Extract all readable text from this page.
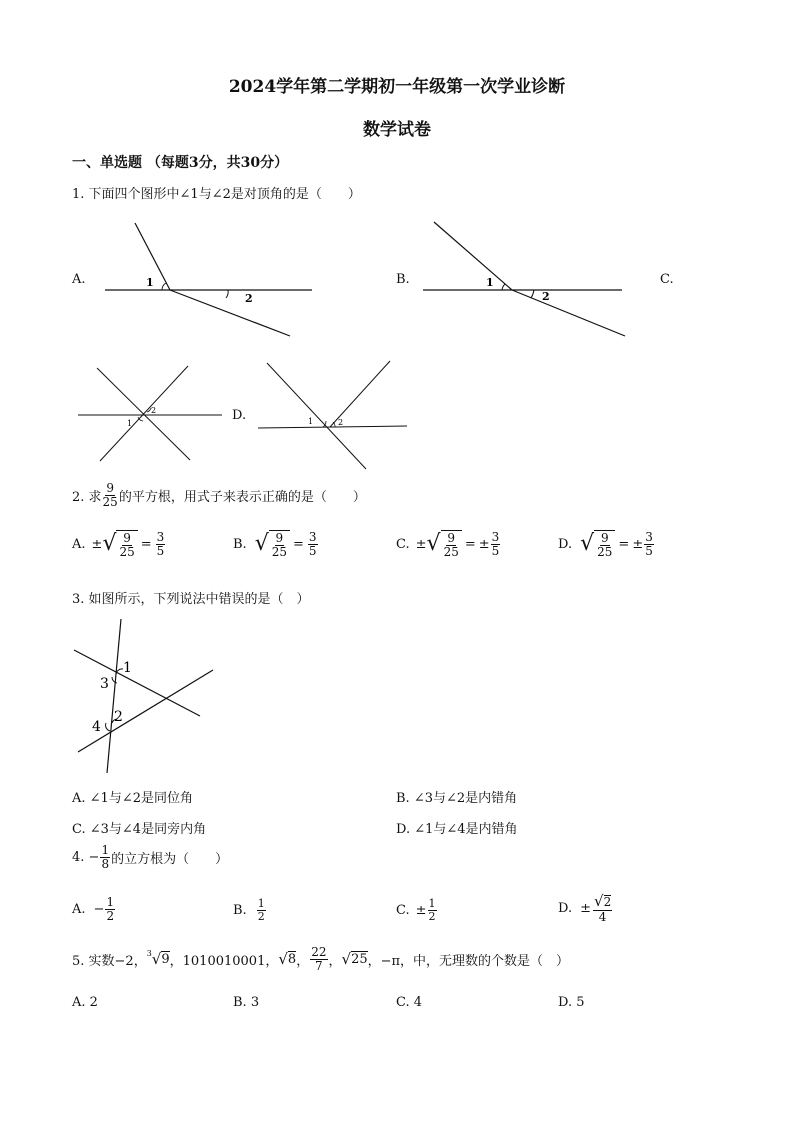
2024学年第二学期初一年级第一次学业诊断
数学试卷
一、单选题 （每题3分，共30分）
1. 下面四个图形中∠1与∠2是对顶角的是（　　）
A.	1
2
B.	1
2
C.
1
2	D.	1	2
2. 求 $\frac{9}{25}$ 的平方根，用式子来表示正确的是（　　）
A. ± √ $\frac{9}{25} = \frac{3}{5}$	B. √ $\frac{9}{25} = \frac{3}{5}$	C. ± √ $\frac{9}{25}$ = ± $\frac{3}{5}$	D. √ $\frac{9}{25}$ = ± $\frac{3}{5}$
3. 如图所示，下列说法中错误的是（　）
1
2
3
4
A. ∠1与∠2是同位角	B. ∠3与∠2是内错角
C. ∠3与∠4是同旁内角	D. ∠1与∠4是内错角
4. − $\frac{1}{8}$ 的立方根为（　　）
A. − $\frac{1}{2}$	B. $\frac{1}{2}$	C. ± $\frac{1}{2}$	D. ± $\frac{√ 2}{4}$
5. 实数−2，
3 √ 9 ，1010010001， √ 8 ， $\frac{22}{7}$ ， √ 25 ，−π，中，无理数的个数是（　）
A. 2	B. 3	C. 4	D. 5
